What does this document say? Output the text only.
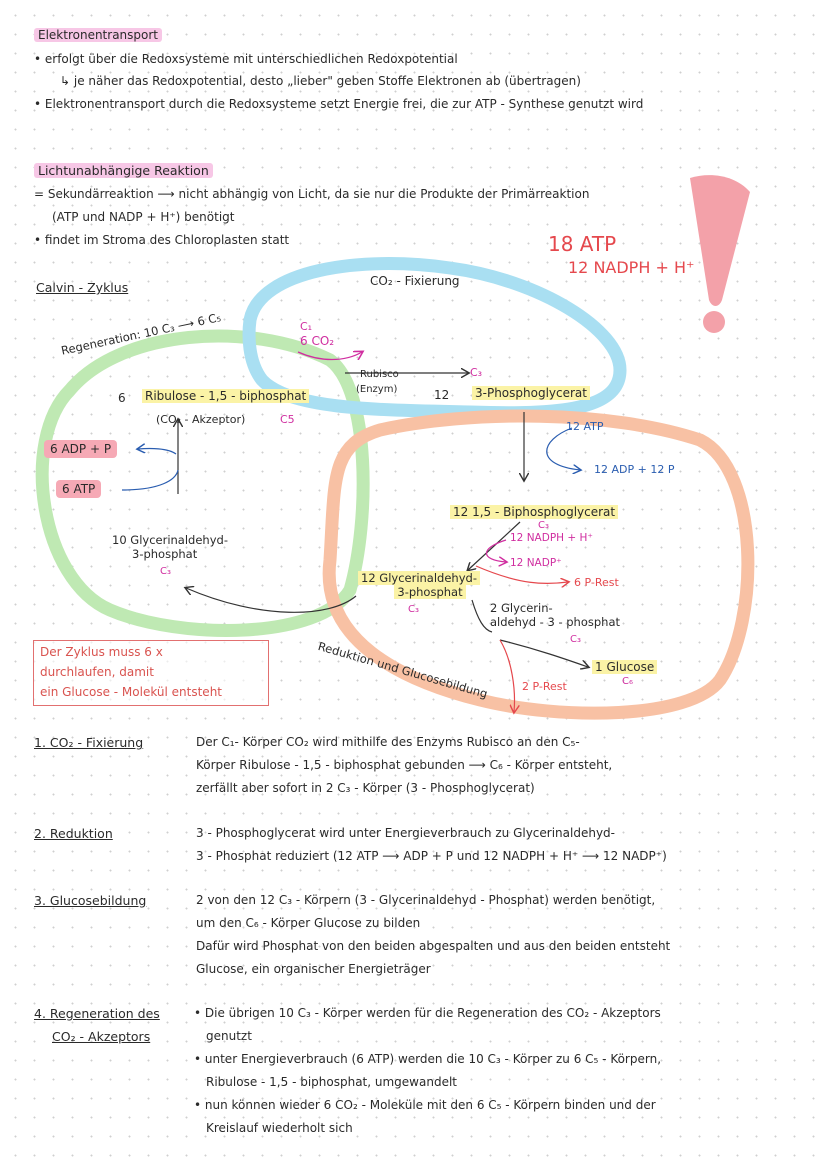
Elektronentransport
• erfolgt über die Redoxsysteme mit unterschiedlichen Redoxpotential
↳ je näher das Redoxpotential, desto „lieber" geben Stoffe Elektronen ab (übertragen)
• Elektronentransport durch die Redoxsysteme setzt Energie frei, die zur ATP - Synthese genutzt wird
Lichtunabhängige Reaktion
= Sekundärreaktion ⟶ nicht abhängig von Licht, da sie nur die Produkte der Primärreaktion
(ATP und NADP + H⁺) benötigt
• findet im Stroma des Chloroplasten statt	18 ATP
12 NADPH + H⁺
Calvin - Zyklus	CO₂ - Fixierung
C₁
6 CO₂
Rubisco
(Enzym)
C₃
12 3-Phosphoglycerat
Regeneration: 10 C₃ ⟶ 6 C₅
6 Ribulose - 1,5 - biphosphat
(CO₂ - Akzeptor)	C5
6 ADP + P
6 ATP
12 ATP
12 ADP + 12 P
12 1,5 - Biphosphoglycerat
C₃
12 NADPH + H⁺
12 NADP⁺
6 P-Rest
12 Glycerinaldehyd-
3-phosphat
C₃
10 Glycerinaldehyd-
3-phosphat
C₃
2 Glycerin-
aldehyd - 3 - phosphat
C₃
1 Glucose
C₆
2 P-Rest
Reduktion und Glucosebildung
Der Zyklus muss 6 x
durchlaufen, damit
ein Glucose - Molekül entsteht
1. CO₂ - Fixierung	Der C₁- Körper CO₂ wird mithilfe des Enzyms Rubisco an den C₅-
Körper Ribulose - 1,5 - biphosphat gebunden ⟶ C₆ - Körper entsteht,
zerfällt aber sofort in 2 C₃ - Körper (3 - Phosphoglycerat)
2. Reduktion	3 - Phosphoglycerat wird unter Energieverbrauch zu Glycerinaldehyd-
3 - Phosphat reduziert (12 ATP ⟶ ADP + P und 12 NADPH + H⁺ ⟶ 12 NADP⁺)
3. Glucosebildung	2 von den 12 C₃ - Körpern (3 - Glycerinaldehyd - Phosphat) werden benötigt,
um den C₆ - Körper Glucose zu bilden
Dafür wird Phosphat von den beiden abgespalten und aus den beiden entsteht
Glucose, ein organischer Energieträger
4. Regeneration des
CO₂ - Akzeptors
• Die übrigen 10 C₃ - Körper werden für die Regeneration des CO₂ - Akzeptors
genutzt
• unter Energieverbrauch (6 ATP) werden die 10 C₃ - Körper zu 6 C₅ - Körpern,
Ribulose - 1,5 - biphosphat, umgewandelt
• nun können wieder 6 CO₂ - Moleküle mit den 6 C₅ - Körpern binden und der
Kreislauf wiederholt sich
